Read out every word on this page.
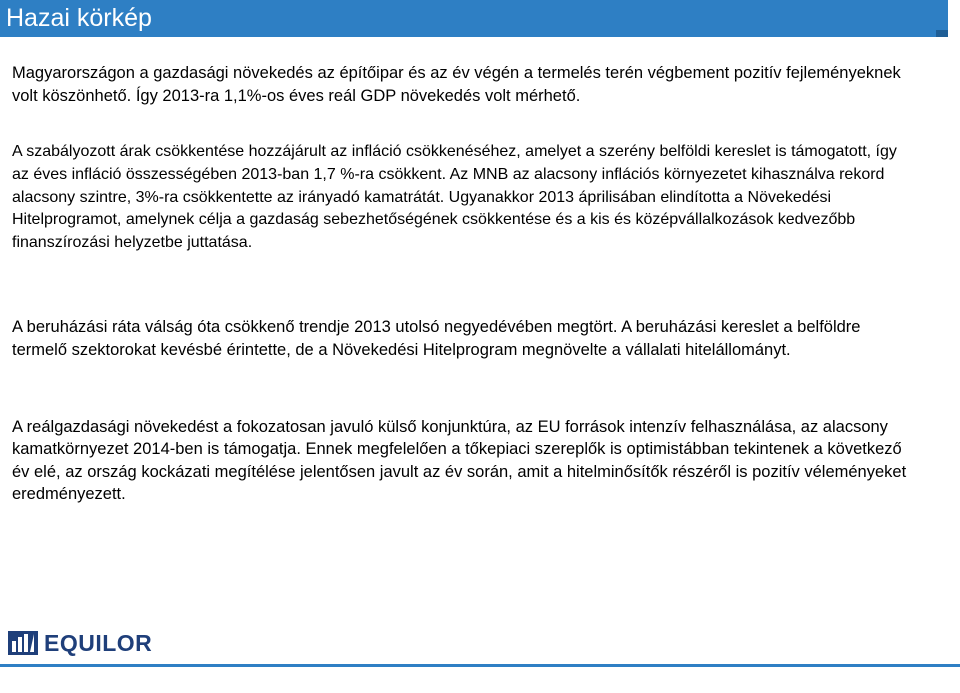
Hazai körkép

Magyarországon a gazdasági növekedés az építőipar és az év végén a termelés terén végbement pozitív fejleményeknek volt köszönhető. Így 2013-ra 1,1%-os éves reál GDP növekedés volt mérhető.

A szabályozott árak csökkentése hozzájárult az infláció csökkenéséhez, amelyet a szerény belföldi kereslet is támogatott, így az éves infláció összességében 2013-ban 1,7 %-ra csökkent. Az MNB az alacsony inflációs környezetet kihasználva rekord alacsony szintre, 3%-ra csökkentette az irányadó kamatrátát. Ugyanakkor 2013 áprilisában elindította a Növekedési Hitelprogramot, amelynek célja a gazdaság sebezhetőségének csökkentése és a kis és középvállalkozások kedvezőbb finanszírozási helyzetbe juttatása.

A beruházási ráta válság óta csökkenő trendje 2013 utolsó negyedévében megtört. A beruházási kereslet a belföldre termelő szektorokat kevésbé érintette, de a Növekedési Hitelprogram megnövelte a vállalati hitelállományt.

A reálgazdasági növekedést a fokozatosan javuló külső konjunktúra, az EU források intenzív felhasználása, az alacsony kamatkörnyezet 2014-ben is támogatja. Ennek megfelelően a tőkepiaci szereplők is optimistábban tekintenek a következő év elé, az ország kockázati megítélése jelentősen javult az év során, amit a hitelminősítők részéről is pozitív véleményeket eredményezett.

EQUILOR
